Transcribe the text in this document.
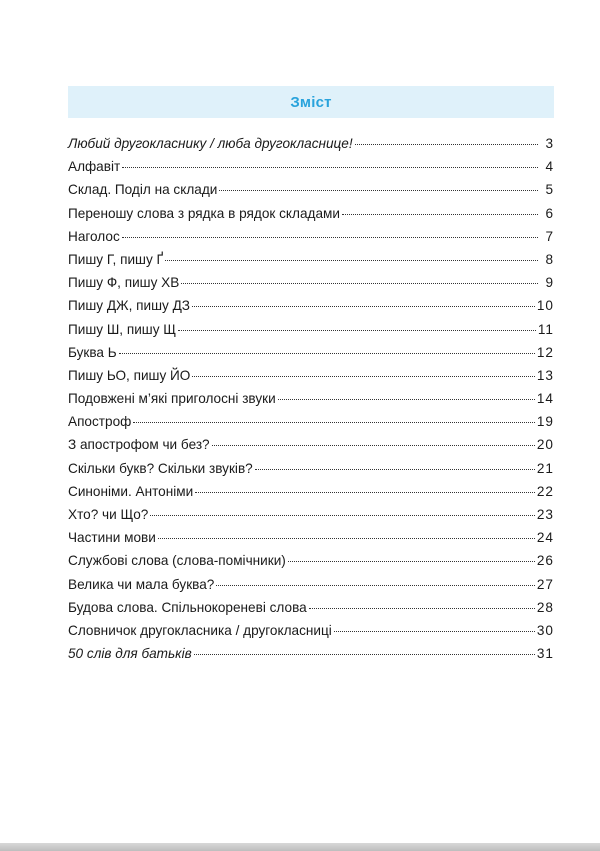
Зміст
Любий другокласнику / люба другокласнице!	3
Алфавіт	4
Склад. Поділ на склади	5
Переношу слова з рядка в рядок складами	6
Наголос	7
Пишу Г, пишу Ґ	8
Пишу Ф, пишу ХВ	9
Пишу ДЖ, пишу ДЗ	10
Пишу Ш, пишу Щ	11
Буква Ь	12
Пишу ЬО, пишу ЙО	13
Подовжені м’які приголосні звуки	14
Апостроф	19
З апострофом чи без?	20
Скільки букв? Скільки звуків?	21
Синоніми. Антоніми	22
Хто? чи Що?	23
Частини мови	24
Службові слова (слова-помічники)	26
Велика чи мала буква?	27
Будова слова. Спільнокореневі слова	28
Словничок другокласника / другокласниці	30
50 слів для батьків	31
